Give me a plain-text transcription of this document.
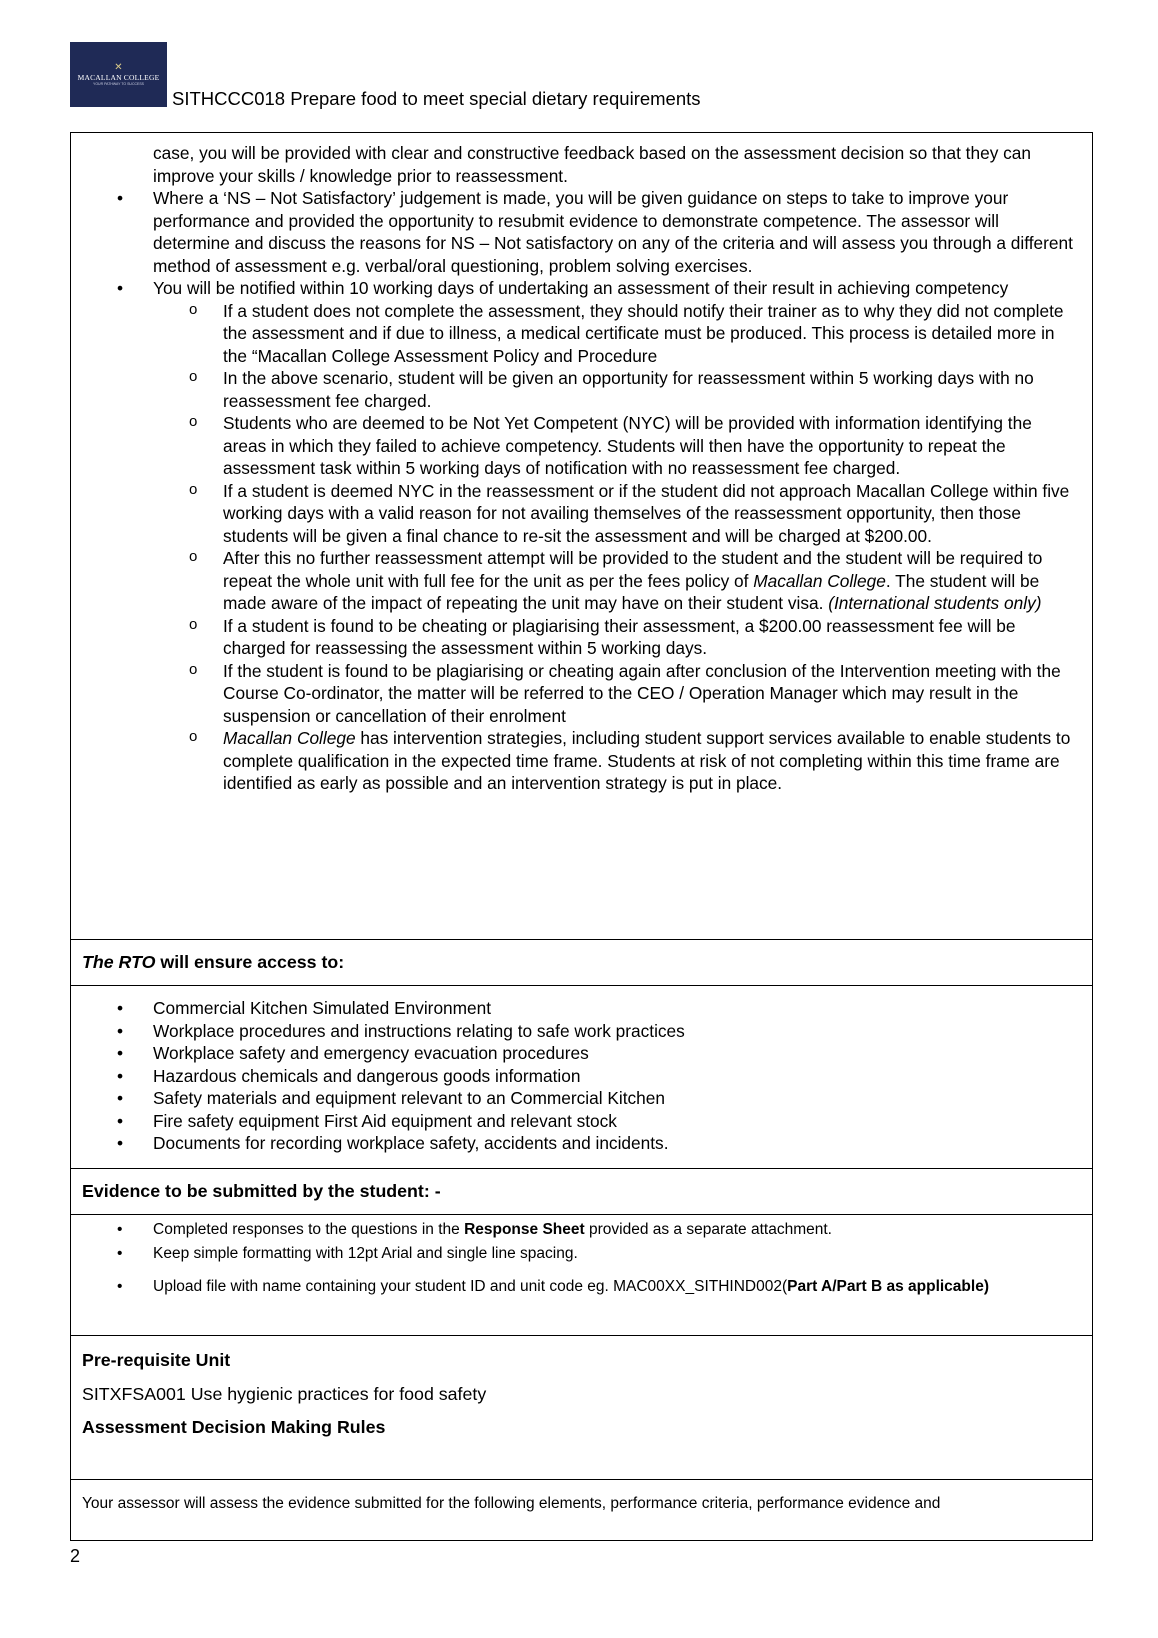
✕
MACALLAN COLLEGE
YOUR PATHWAY TO SUCCESS
SITHCCC018 Prepare food to meet special dietary requirements
case, you will be provided with clear and constructive feedback based on the assessment decision so that they can improve your skills / knowledge prior to reassessment.
• Where a ‘NS – Not Satisfactory’ judgement is made, you will be given guidance on steps to take to improve your performance and provided the opportunity to resubmit evidence to demonstrate competence. The assessor will determine and discuss the reasons for NS – Not satisfactory on any of the criteria and will assess you through a different method of assessment e.g. verbal/oral questioning, problem solving exercises.
• You will be notified within 10 working days of undertaking an assessment of their result in achieving competency
o If a student does not complete the assessment, they should notify their trainer as to why they did not complete the assessment and if due to illness, a medical certificate must be produced. This process is detailed more in the “Macallan College Assessment Policy and Procedure
o In the above scenario, student will be given an opportunity for reassessment within 5 working days with no reassessment fee charged.
o Students who are deemed to be Not Yet Competent (NYC) will be provided with information identifying the areas in which they failed to achieve competency. Students will then have the opportunity to repeat the assessment task within 5 working days of notification with no reassessment fee charged.
o If a student is deemed NYC in the reassessment or if the student did not approach Macallan College within five working days with a valid reason for not availing themselves of the reassessment opportunity, then those students will be given a final chance to re-sit the assessment and will be charged at $200.00.
o After this no further reassessment attempt will be provided to the student and the student will be required to repeat the whole unit with full fee for the unit as per the fees policy of Macallan College. The student will be made aware of the impact of repeating the unit may have on their student visa. (International students only)
o If a student is found to be cheating or plagiarising their assessment, a $200.00 reassessment fee will be charged for reassessing the assessment within 5 working days.
o If the student is found to be plagiarising or cheating again after conclusion of the Intervention meeting with the Course Co-ordinator, the matter will be referred to the CEO / Operation Manager which may result in the suspension or cancellation of their enrolment
o Macallan College has intervention strategies, including student support services available to enable students to complete qualification in the expected time frame. Students at risk of not completing within this time frame are identified as early as possible and an intervention strategy is put in place.
The RTO will ensure access to:
• Commercial Kitchen Simulated Environment
• Workplace procedures and instructions relating to safe work practices
• Workplace safety and emergency evacuation procedures
• Hazardous chemicals and dangerous goods information
• Safety materials and equipment relevant to an Commercial Kitchen
• Fire safety equipment First Aid equipment and relevant stock
• Documents for recording workplace safety, accidents and incidents.
Evidence to be submitted by the student: -
• Completed responses to the questions in the Response Sheet provided as a separate attachment.
• Keep simple formatting with 12pt Arial and single line spacing.
• Upload file with name containing your student ID and unit code eg. MAC00XX_SITHIND002(Part A/Part B as applicable)
Pre-requisite Unit
SITXFSA001 Use hygienic practices for food safety
Assessment Decision Making Rules
Your assessor will assess the evidence submitted for the following elements, performance criteria, performance evidence and
2
